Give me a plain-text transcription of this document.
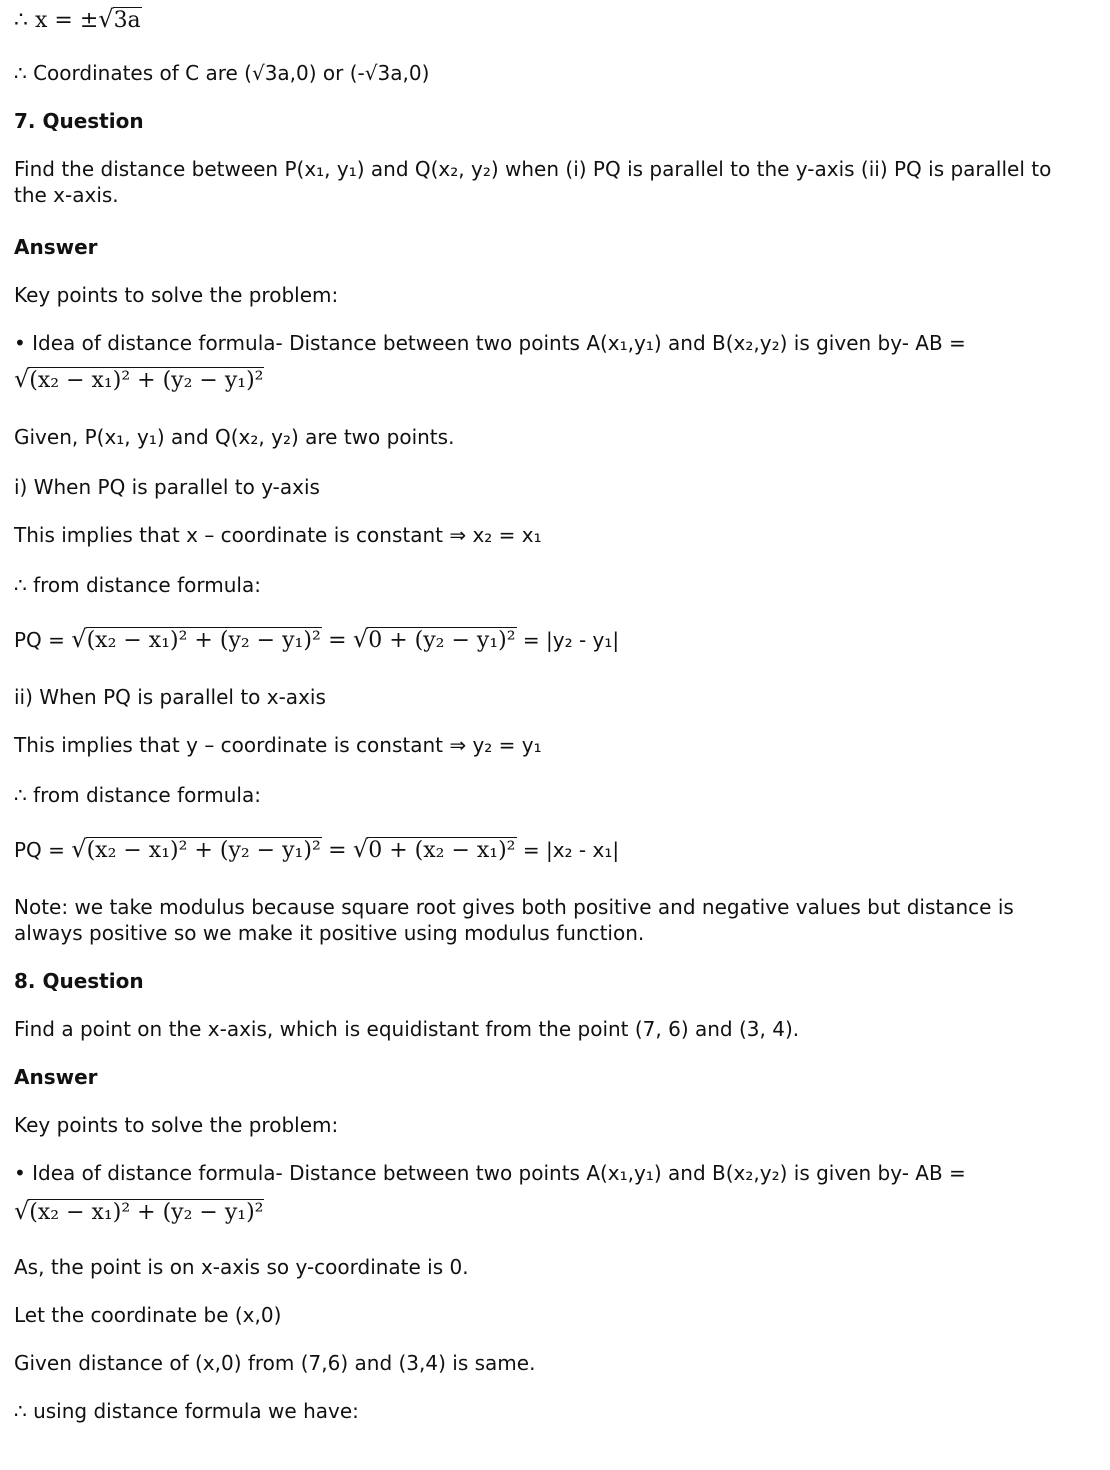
∴ x = ±√3a
∴ Coordinates of C are (√3a,0) or (-√3a,0)
7. Question
Find the distance between P(x₁, y₁) and Q(x₂, y₂) when (i) PQ is parallel to the y-axis (ii) PQ is parallel to the x-axis.
Answer
Key points to solve the problem:
• Idea of distance formula- Distance between two points A(x₁,y₁) and B(x₂,y₂) is given by- AB =
√(x₂ − x₁)² + (y₂ − y₁)²
Given, P(x₁, y₁) and Q(x₂, y₂) are two points.
i) When PQ is parallel to y-axis
This implies that x – coordinate is constant ⇒ x₂ = x₁
∴ from distance formula:
PQ = √(x₂ − x₁)² + (y₂ − y₁)² = √0 + (y₂ − y₁)² = |y₂ - y₁|
ii) When PQ is parallel to x-axis
This implies that y – coordinate is constant ⇒ y₂ = y₁
∴ from distance formula:
PQ = √(x₂ − x₁)² + (y₂ − y₁)² = √0 + (x₂ − x₁)² = |x₂ - x₁|
Note: we take modulus because square root gives both positive and negative values but distance is always positive so we make it positive using modulus function.
8. Question
Find a point on the x-axis, which is equidistant from the point (7, 6) and (3, 4).
Answer
Key points to solve the problem:
• Idea of distance formula- Distance between two points A(x₁,y₁) and B(x₂,y₂) is given by- AB =
√(x₂ − x₁)² + (y₂ − y₁)²
As, the point is on x-axis so y-coordinate is 0.
Let the coordinate be (x,0)
Given distance of (x,0) from (7,6) and (3,4) is same.
∴ using distance formula we have:
